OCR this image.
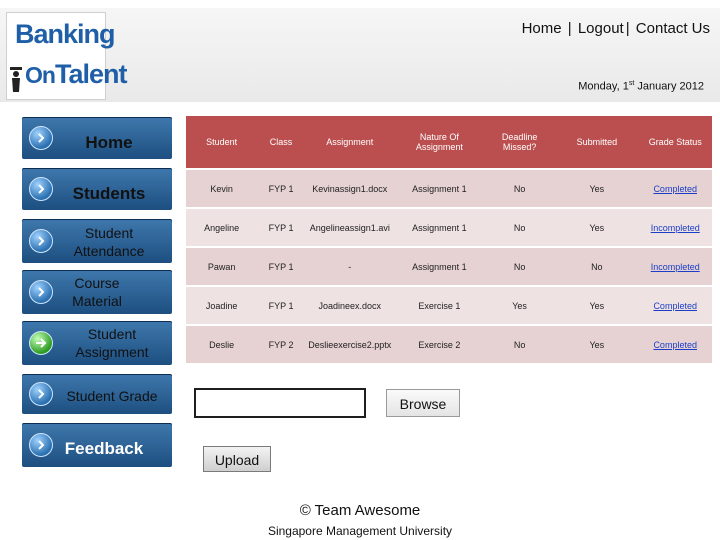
Banking
OnTalent
Home | Logout | Contact Us
Monday, 1st January 2012
Home
Students
Student Attendance
Course Material
Student Assignment
Student Grade
Feedback
Student	Class	Assignment	Nature Of Assignment	Deadline Missed?	Submitted	Grade Status
Kevin	FYP 1	Kevinassign1.docx	Assignment 1	No	Yes	Completed
Angeline	FYP 1	Angelineassign1.avi	Assignment 1	No	Yes	Incompleted
Pawan	FYP 1	-	Assignment 1	No	No	Incompleted
Joadine	FYP 1	Joadineex.docx	Exercise 1	Yes	Yes	Completed
Deslie	FYP 2	Deslieexercise2.pptx	Exercise 2	No	Yes	Completed
Browse
Upload
© Team Awesome
Singapore Management University
